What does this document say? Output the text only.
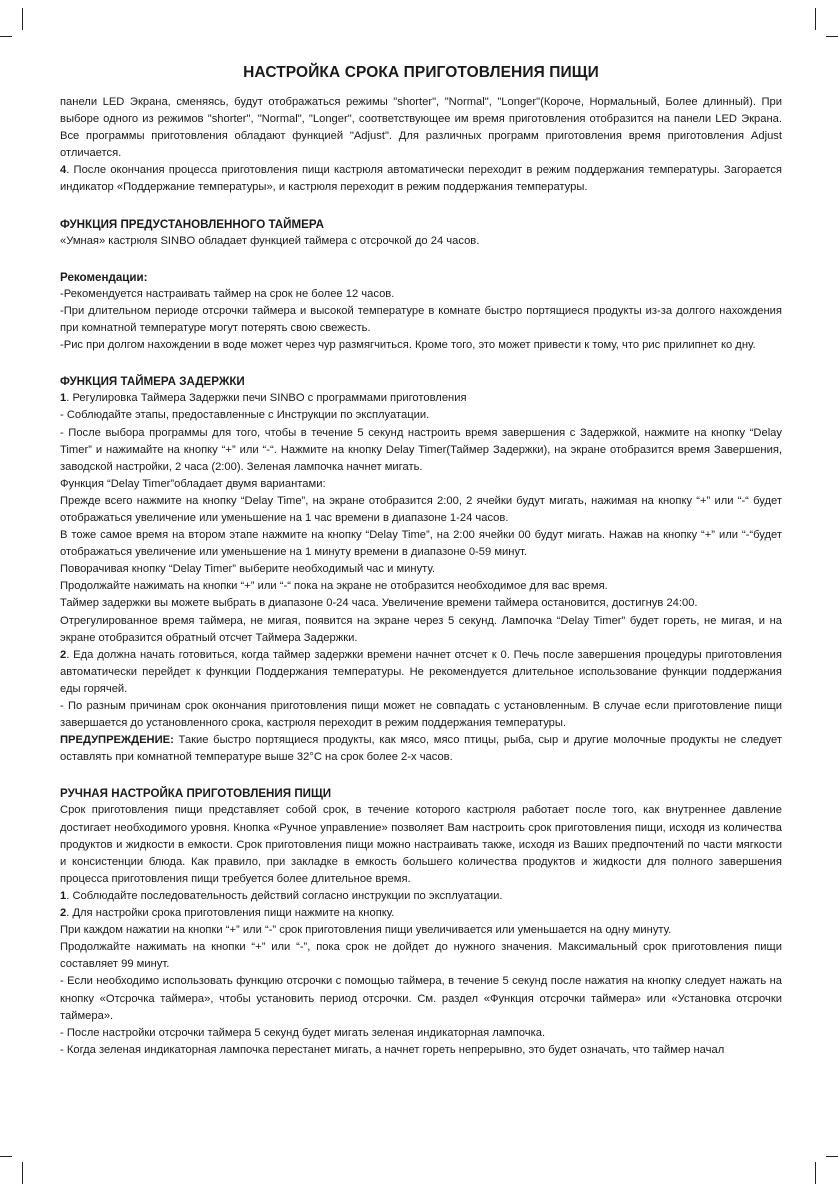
НАСТРОЙКА СРОКА ПРИГОТОВЛЕНИЯ ПИЩИ

панели LED Экрана, сменяясь, будут отображаться режимы "shorter", "Normal", "Longer"(Короче, Нормальный, Более длинный). При выборе одного из режимов "shorter", "Normal", "Longer", соответствующее им время приготовления отобразится на панели LED Экрана. Все программы приготовления обладают функцией "Adjust". Для различных программ приготовления время приготовления Adjust отличается.

4. После окончания процесса приготовления пищи кастрюля автоматически переходит в режим поддержания температуры. Загорается индикатор «Поддержание температуры», и кастрюля переходит в режим поддержания температуры.

ФУНКЦИЯ ПРЕДУСТАНОВЛЕННОГО ТАЙМЕРА

«Умная» кастрюля SINBO обладает функцией таймера с отсрочкой до 24 часов.

Рекомендации:

-Рекомендуется настраивать таймер на срок не более 12 часов.

-При длительном периоде отсрочки таймера и высокой температуре в комнате быстро портящиеся продукты из-за долгого нахождения при комнатной температуре могут потерять свою свежесть.

-Рис при долгом нахождении в воде может через чур размягчиться. Кроме того, это может привести к тому, что рис прилипнет ко дну.

ФУНКЦИЯ ТАЙМЕРА ЗАДЕРЖКИ

1. Регулировка Таймера Задержки печи SINBO с программами приготовления

- Соблюдайте этапы, предоставленные с Инструкции по эксплуатации.

- После выбора программы для того, чтобы в течение 5 секунд настроить время завершения с Задержкой, нажмите на кнопку “Delay Timer” и нажимайте на кнопку “+” или “-“. Нажмите на кнопку Delay Timer(Таймер Задержки), на экране отобразится время Завершения, заводской настройки, 2 часа (2:00). Зеленая лампочка начнет мигать.

Функция “Delay Timer”обладает двумя вариантами:

Прежде всего нажмите на кнопку “Delay Time”, на экране отобразится 2:00, 2 ячейки будут мигать, нажимая на кнопку “+” или “-“ будет отображаться увеличение или уменьшение на 1 час времени в диапазоне 1-24 часов.

В тоже самое время на втором этапе нажмите на кнопку “Delay Time”, на 2:00 ячейки 00 будут мигать. Нажав на кнопку “+” или “-“будет отображаться увеличение или уменьшение на 1 минуту времени в диапазоне 0-59 минут.

Поворачивая кнопку “Delay Timer” выберите необходимый час и минуту.

Продолжайте нажимать на кнопки “+” или “-“ пока на экране не отобразится необходимое для вас время.

Таймер задержки вы можете выбрать в диапазоне 0-24 часа. Увеличение времени таймера остановится, достигнув 24:00.

Отрегулированное время таймера, не мигая, появится на экране через 5 секунд. Лампочка “Delay Timer” будет гореть, не мигая, и на экране отобразится обратный отсчет Таймера Задержки.

2. Еда должна начать готовиться, когда таймер задержки времени начнет отсчет к 0. Печь после завершения процедуры приготовления автоматически перейдет к функции Поддержания температуры. Не рекомендуется длительное использование функции поддержания еды горячей.

- По разным причинам срок окончания приготовления пищи может не совпадать с установленным. В случае если приготовление пищи завершается до установленного срока, кастрюля переходит в режим поддержания температуры.

ПРЕДУПРЕЖДЕНИЕ: Такие быстро портящиеся продукты, как мясо, мясо птицы, рыба, сыр и другие молочные продукты не следует оставлять при комнатной температуре выше 32°С на срок более 2-х часов.

РУЧНАЯ НАСТРОЙКА ПРИГОТОВЛЕНИЯ ПИЩИ

Срок приготовления пищи представляет собой срок, в течение которого кастрюля работает после того, как внутреннее давление достигает необходимого уровня. Кнопка «Ручное управление» позволяет Вам настроить срок приготовления пищи, исходя из количества продуктов и жидкости в емкости. Срок приготовления пищи можно настраивать также, исходя из Ваших предпочтений по части мягкости и консистенции блюда. Как правило, при закладке в емкость большего количества продуктов и жидкости для полного завершения процесса приготовления пищи требуется более длительное время.

1. Соблюдайте последовательность действий согласно инструкции по эксплуатации.

2. Для настройки срока приготовления пищи нажмите на кнопку.

При каждом нажатии на кнопки “+” или “-” срок приготовления пищи увеличивается или уменьшается на одну минуту.

Продолжайте нажимать на кнопки “+” или “-”, пока срок не дойдет до нужного значения. Максимальный срок приготовления пищи составляет 99 минут.

- Если необходимо использовать функцию отсрочки с помощью таймера, в течение 5 секунд после нажатия на кнопку следует нажать на кнопку «Отсрочка таймера», чтобы установить период отсрочки. См. раздел «Функция отсрочки таймера» или «Установка отсрочки таймера».

- После настройки отсрочки таймера 5 секунд будет мигать зеленая индикаторная лампочка.

- Когда зеленая индикаторная лампочка перестанет мигать, а начнет гореть непрерывно, это будет означать, что таймер начал
